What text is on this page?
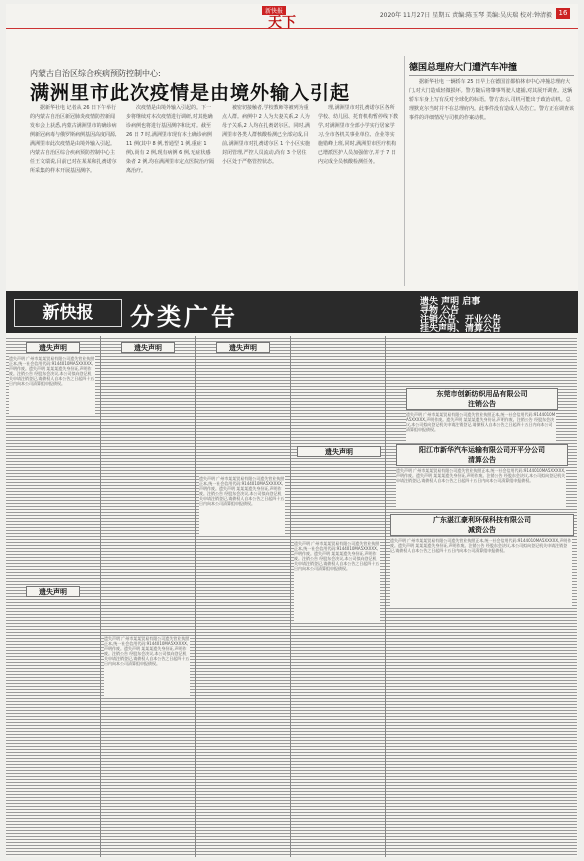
新快报
天下	2020年 11月27日 星期五 责编:陈玉琴 美编:吴庆瑞 校对:钟清毅 16
内蒙古自治区综合疾病预防控制中心:
满洲里市此次疫情是由境外输入引起
据新华社电 记者从 26 日下午举行的内蒙古自治区新冠肺炎疫情防控新闻发布会上获悉,内蒙古满洲里市的确诊病例新冠病毒与俄罗斯病例基因高度同源,满洲里市此次疫情是由境外输入引起。内蒙古自治区综合疾病预防控制中心主任王文瑞说,目前已对在某某和扎赉诺尔所采集的样本开展基因测序。
次疫情是由境外输入引起的。下一步将继续对本次疫情进行调研,对其他确诊病例也将进行基因测序和比对。截至 26 日 7 时,满洲里市现有本土确诊病例 11 例(其中 8 例,普通型 1 例,重症 1 例),尚有 2 例,现有病例 6 例,无症状感染者 2 例,均在满洲里市定点医院治疗隔离治疗。
被密切接触者,学校教师等被列为重点人群。病例中 2 人为夫妻关系,2 人为母子关系,2 人均在扎赉诺尔区。同时,满洲里市各类人群核酸检测已全部完成,目前,满洲里市对扎赉诺尔区 1 个小区实施封闭管理,严控人员流动,尚有 3 个居住小区处于严格管控状态。
理,满洲里市对扎赉诺尔区各所学校、幼儿园、托育机构暂停线下教学,对满洲里市全部小学实行居家学习,全市各机关事业单位、企业等实施错峰上班,同时,满洲里市医疗机构已增派医护人员加强值守,并于 7 日内完成全员核酸检测任务。
德国总理府大门遭汽车冲撞
据新华社电 一辆轿车 25 日早上在德国首都柏林市中心冲撞总理府大门,对大门造成轻微损坏。警方随后将肇事驾驶人逮捕,对其展开调查。这辆轿车车身上写有反对全球化的标语。警方表示,司机可能出于政治动机。总理默克尔当时并不在总理府内。此事件没有造成人员伤亡。警方正在调查该事件的详细情况与司机的作案动机。
新快报	分类广告	遗失 声明 启事
寻物 公告
注销公告、开业公告
挂失声明、清算公告
遗失声明
遗失声明 广州市某某贸易有限公司遗失营业执照正本,统一社会信用代码:9144010MA5XXXXX,声明作废。遗失声明 某某某遗失身份证,声明作废。注销公告 经股东会决议,本公司拟向登记机关申请注销登记,请债权人自本公告之日起四十五日内向本公司清算组申报债权。
遗失声明
遗失声明
遗失声明 广州市某某贸易有限公司遗失营业执照正本,统一社会信用代码:9144010MA5XXXXX,声明作废。遗失声明 某某某遗失身份证,声明作废。注销公告 经股东会决议,本公司拟向登记机关申请注销登记,请债权人自本公告之日起四十五日内向本公司清算组申报债权。
遗失声明
遗失声明 广州市某某贸易有限公司遗失营业执照正本,统一社会信用代码:9144010MA5XXXXX,声明作废。遗失声明 某某某遗失身份证,声明作废。注销公告 经股东会决议,本公司拟向登记机关申请注销登记,请债权人自本公告之日起四十五日内向本公司清算组申报债权。
遗失声明
遗失声明 广州市某某贸易有限公司遗失营业执照正本,统一社会信用代码:9144010MA5XXXXX,声明作废。遗失声明 某某某遗失身份证,声明作废。注销公告 经股东会决议,本公司拟向登记机关申请注销登记,请债权人自本公告之日起四十五日内向本公司清算组申报债权。
东莞市创新纺织用品有限公司
注销公告
遗失声明 广州市某某贸易有限公司遗失营业执照正本,统一社会信用代码:9144010MA5XXXXX,声明作废。遗失声明 某某某遗失身份证,声明作废。注销公告 经股东会决议,本公司拟向登记机关申请注销登记,请债权人自本公告之日起四十五日内向本公司清算组申报债权。
阳江市新华汽车运输有限公司开平分公司
清算公告
遗失声明 广州市某某贸易有限公司遗失营业执照正本,统一社会信用代码:9144010MA5XXXXX,声明作废。遗失声明 某某某遗失身份证,声明作废。注销公告 经股东会决议,本公司拟向登记机关申请注销登记,请债权人自本公告之日起四十五日内向本公司清算组申报债权。
广东湛江豪利环保科技有限公司
减资公告
遗失声明 广州市某某贸易有限公司遗失营业执照正本,统一社会信用代码:9144010MA5XXXXX,声明作废。遗失声明 某某某遗失身份证,声明作废。注销公告 经股东会决议,本公司拟向登记机关申请注销登记,请债权人自本公告之日起四十五日内向本公司清算组申报债权。
